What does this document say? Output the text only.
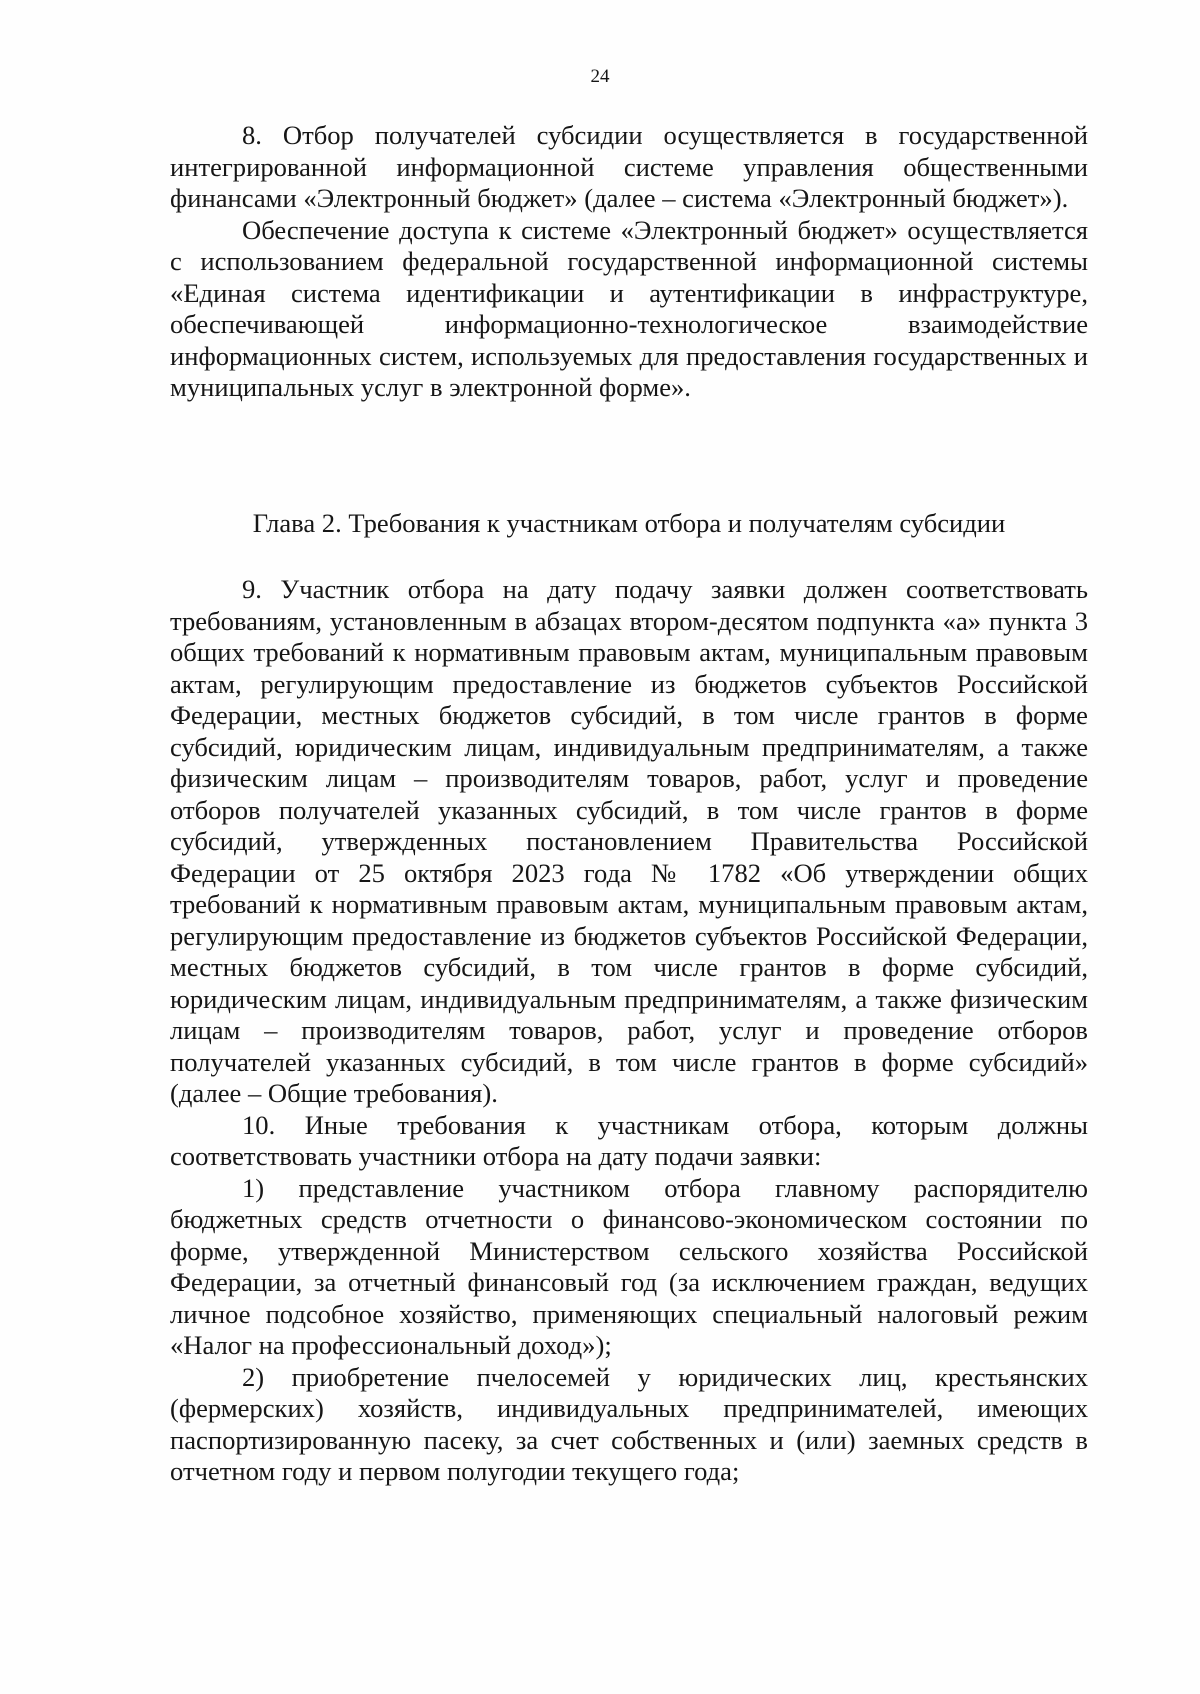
24

8. Отбор получателей субсидии осуществляется в государственной интегрированной информационной системе управления общественными финансами «Электронный бюджет» (далее – система «Электронный бюджет»).

Обеспечение доступа к системе «Электронный бюджет» осуществляется с использованием федеральной государственной информационной системы «Единая система идентификации и аутентификации в инфраструктуре, обеспечивающей информационно-технологическое взаимодействие информационных систем, используемых для предоставления государственных и муниципальных услуг в электронной форме».

Глава 2. Требования к участникам отбора и получателям субсидии

9. Участник отбора на дату подачу заявки должен соответствовать требованиям, установленным в абзацах втором-десятом подпункта «а» пункта 3 общих требований к нормативным правовым актам, муниципальным правовым актам, регулирующим предоставление из бюджетов субъектов Российской Федерации, местных бюджетов субсидий, в том числе грантов в форме субсидий, юридическим лицам, индивидуальным предпринимателям, а также физическим лицам – производителям товаров, работ, услуг и проведение отборов получателей указанных субсидий, в том числе грантов в форме субсидий, утвержденных постановлением Правительства Российской Федерации от 25 октября 2023 года № 1782 «Об утверждении общих требований к нормативным правовым актам, муниципальным правовым актам, регулирующим предоставление из бюджетов субъектов Российской Федерации, местных бюджетов субсидий, в том числе грантов в форме субсидий, юридическим лицам, индивидуальным предпринимателям, а также физическим лицам – производителям товаров, работ, услуг и проведение отборов получателей указанных субсидий, в том числе грантов в форме субсидий» (далее – Общие требования).

10. Иные требования к участникам отбора, которым должны соответствовать участники отбора на дату подачи заявки:

1) представление участником отбора главному распорядителю бюджетных средств отчетности о финансово-экономическом состоянии по форме, утвержденной Министерством сельского хозяйства Российской Федерации, за отчетный финансовый год (за исключением граждан, ведущих личное подсобное хозяйство, применяющих специальный налоговый режим «Налог на профессиональный доход»);

2) приобретение пчелосемей у юридических лиц, крестьянских (фермерских) хозяйств, индивидуальных предпринимателей, имеющих паспортизированную пасеку, за счет собственных и (или) заемных средств в отчетном году и первом полугодии текущего года;
